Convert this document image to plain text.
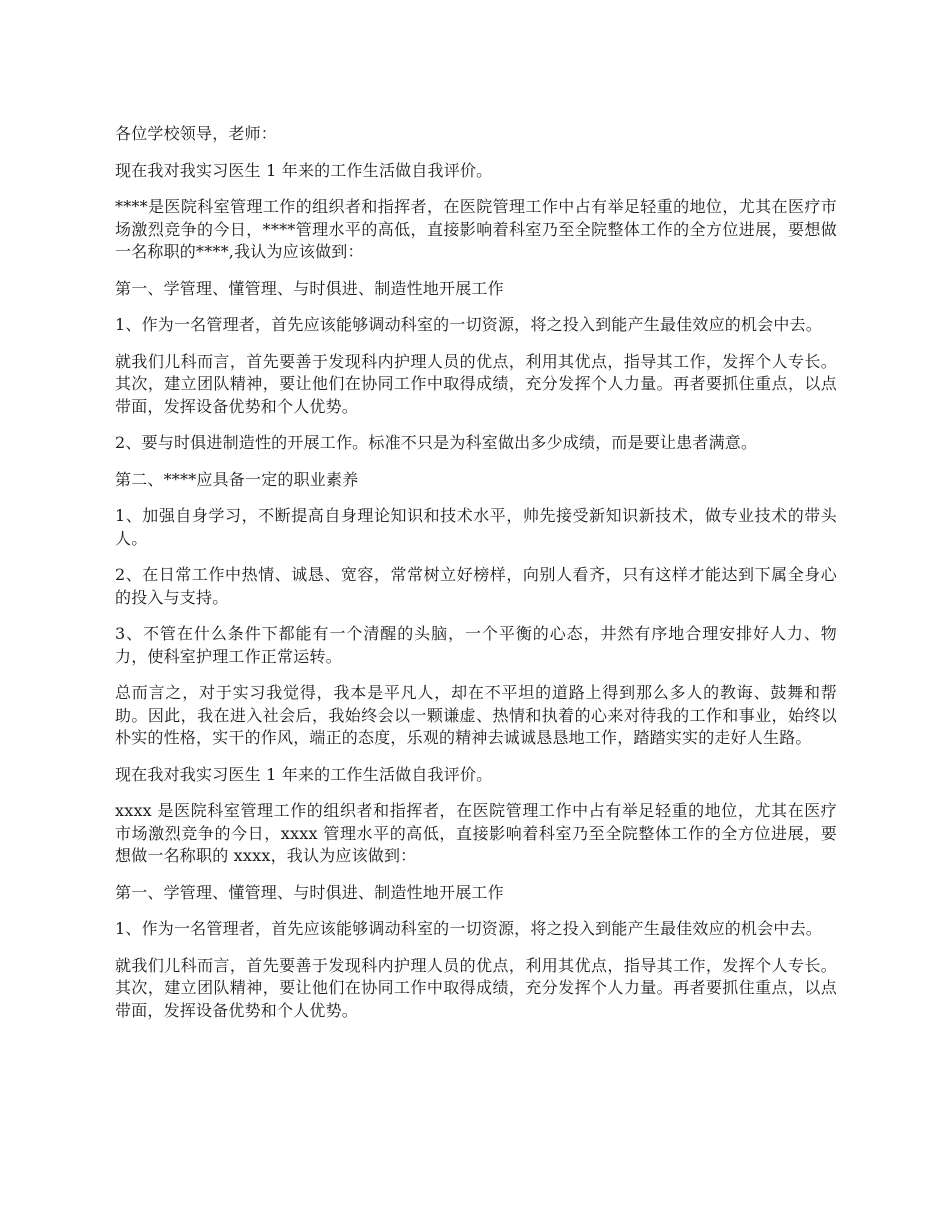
各位学校领导，老师：

现在我对我实习医生 1 年来的工作生活做自我评价。

****是医院科室管理工作的组织者和指挥者，在医院管理工作中占有举足轻重的地位，尤其在医疗市场激烈竞争的今日，****管理水平的高低，直接影响着科室乃至全院整体工作的全方位进展，要想做一名称职的****,我认为应该做到：

第一、学管理、懂管理、与时俱进、制造性地开展工作

1、作为一名管理者，首先应该能够调动科室的一切资源，将之投入到能产生最佳效应的机会中去。

就我们儿科而言，首先要善于发现科内护理人员的优点，利用其优点，指导其工作，发挥个人专长。其次，建立团队精神，要让他们在协同工作中取得成绩，充分发挥个人力量。再者要抓住重点，以点带面，发挥设备优势和个人优势。

2、要与时俱进制造性的开展工作。标准不只是为科室做出多少成绩，而是要让患者满意。

第二、****应具备一定的职业素养

1、加强自身学习，不断提高自身理论知识和技术水平，帅先接受新知识新技术，做专业技术的带头人。

2、在日常工作中热情、诚恳、宽容，常常树立好榜样，向别人看齐，只有这样才能达到下属全身心的投入与支持。

3、不管在什么条件下都能有一个清醒的头脑，一个平衡的心态，井然有序地合理安排好人力、物力，使科室护理工作正常运转。

总而言之，对于实习我觉得，我本是平凡人，却在不平坦的道路上得到那么多人的教诲、鼓舞和帮助。因此，我在进入社会后，我始终会以一颗谦虚、热情和执着的心来对待我的工作和事业，始终以朴实的性格，实干的作风，端正的态度，乐观的精神去诚诚恳恳地工作，踏踏实实的走好人生路。

现在我对我实习医生 1 年来的工作生活做自我评价。

xxxx 是医院科室管理工作的组织者和指挥者，在医院管理工作中占有举足轻重的地位，尤其在医疗市场激烈竞争的今日，xxxx 管理水平的高低，直接影响着科室乃至全院整体工作的全方位进展，要想做一名称职的 xxxx，我认为应该做到：

第一、学管理、懂管理、与时俱进、制造性地开展工作

1、作为一名管理者，首先应该能够调动科室的一切资源，将之投入到能产生最佳效应的机会中去。

就我们儿科而言，首先要善于发现科内护理人员的优点，利用其优点，指导其工作，发挥个人专长。其次，建立团队精神，要让他们在协同工作中取得成绩，充分发挥个人力量。再者要抓住重点，以点带面，发挥设备优势和个人优势。
